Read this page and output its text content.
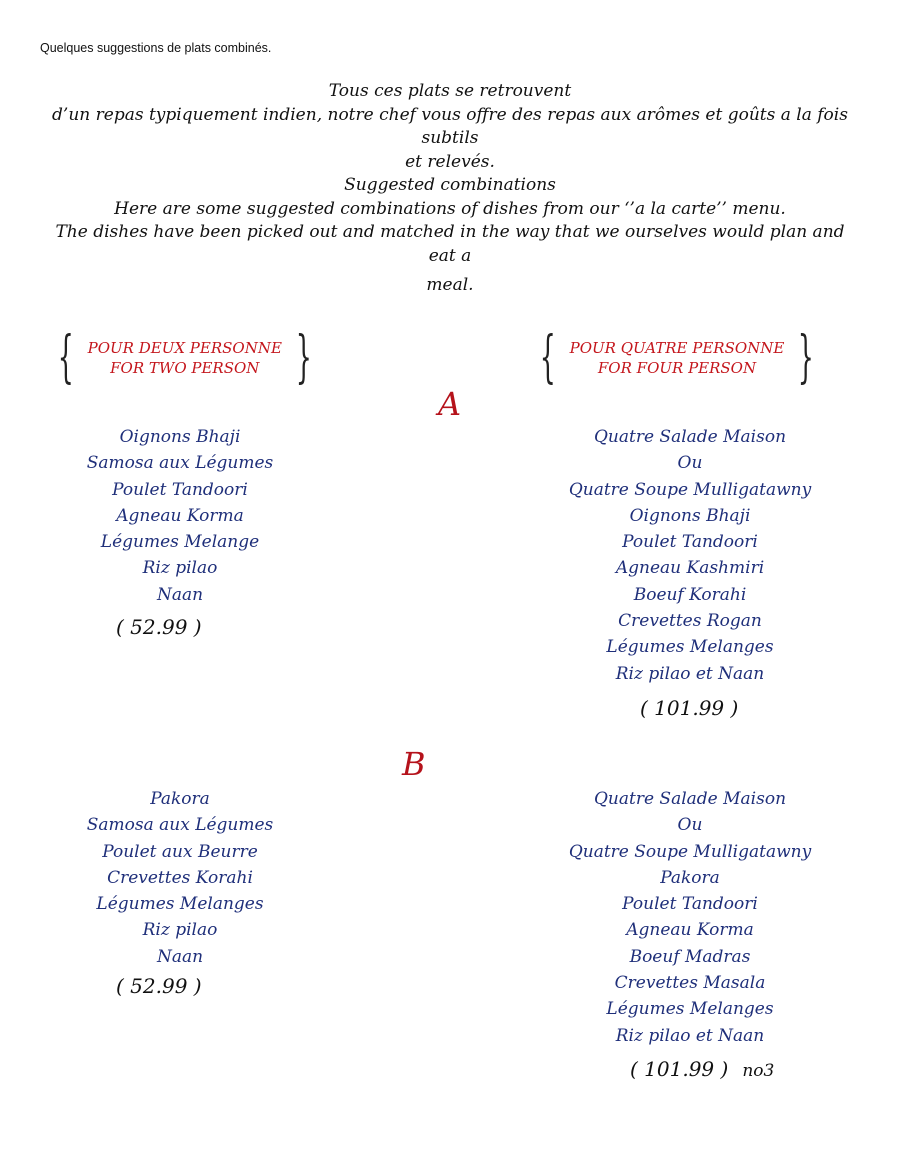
Quelques suggestions de plats combinés.
Tous ces plats se retrouvent
d’un repas typiquement indien, notre chef vous offre des repas aux arômes et goûts a la fois subtils
et relevés.
Suggested combinations
Here are some suggested combinations of dishes from our ‘’a la carte’’ menu.
The dishes have been picked out and matched in the way that we ourselves would plan and eat a
meal.
{ POUR DEUX PERSONNE
FOR TWO PERSON }	{ POUR QUATRE PERSONNE
FOR FOUR PERSON }
A
Oignons Bhaji
Samosa aux Légumes
Poulet Tandoori
Agneau Korma
Légumes Melange
Riz pilao
Naan
( 52.99 )
Quatre Salade Maison
Ou
Quatre Soupe Mulligatawny
Oignons Bhaji
Poulet Tandoori
Agneau Kashmiri
Boeuf Korahi
Crevettes Rogan
Légumes Melanges
Riz pilao et Naan
( 101.99 )
B
Pakora
Samosa aux Légumes
Poulet aux Beurre
Crevettes Korahi
Légumes Melanges
Riz pilao
Naan
( 52.99 )
Quatre Salade Maison
Ou
Quatre Soupe Mulligatawny
Pakora
Poulet Tandoori
Agneau Korma
Boeuf Madras
Crevettes Masala
Légumes Melanges
Riz pilao et Naan
( 101.99 ) no3
